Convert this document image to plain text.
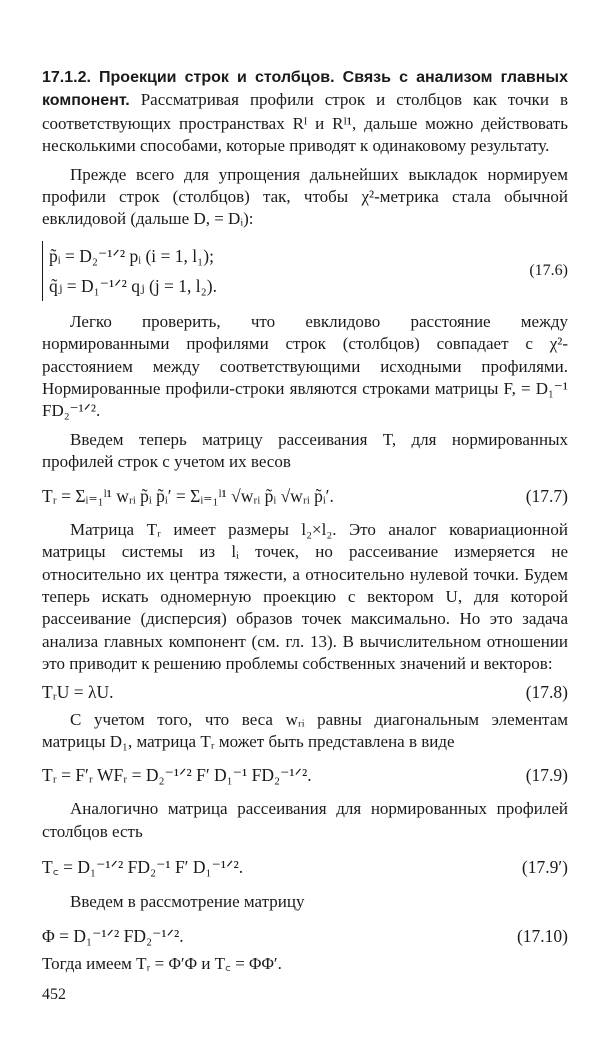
17.1.2. Проекции строк и столбцов. Связь с анализом главных компонент. Рассматривая профили строк и столбцов как точки в соответствующих пространствах Rᴵ и Rᴵ¹, дальше можно действовать несколькими способами, которые приводят к одинаковому результату.

Прежде всего для упрощения дальнейших выкладок нормируем профили строк (столбцов) так, чтобы χ²-метрика стала обычной евклидовой (дальше D, = Dᵢ):

p̃ᵢ = D₂⁻¹ᐟ² pᵢ (i = 1, l₁);
q̃ⱼ = D₁⁻¹ᐟ² qⱼ (j = 1, l₂).
(17.6)

Легко проверить, что евклидово расстояние между нормированными профилями строк (столбцов) совпадает с χ²-расстоянием между соответствующими исходными профилями. Нормированные профили-строки являются строками матрицы F, = D₁⁻¹ FD₂⁻¹ᐟ².

Введем теперь матрицу рассеивания T, для нормированных профилей строк с учетом их весов

Tᵣ = Σᵢ₌₁ˡ¹ wᵣᵢ p̃ᵢ p̃ᵢ′ = Σᵢ₌₁ˡ¹ √wᵣᵢ p̃ᵢ √wᵣᵢ p̃ᵢ′.	(17.7)

Матрица Tᵣ имеет размеры l₂×l₂. Это аналог ковариационной матрицы системы из lᵢ точек, но рассеивание измеряется не относительно их центра тяжести, а относительно нулевой точки. Будем теперь искать одномерную проекцию с вектором U, для которой рассеивание (дисперсия) образов точек максимально. Но это задача анализа главных компонент (см. гл. 13). В вычислительном отношении это приводит к решению проблемы собственных значений и векторов:

TᵣU = λU.	(17.8)

С учетом того, что веса wᵣᵢ равны диагональным элементам матрицы D₁, матрица Tᵣ может быть представлена в виде

Tᵣ = F′ᵣ WFᵣ = D₂⁻¹ᐟ² F′ D₁⁻¹ FD₂⁻¹ᐟ².	(17.9)

Аналогично матрица рассеивания для нормированных профилей столбцов есть

T꜀ = D₁⁻¹ᐟ² FD₂⁻¹ F′ D₁⁻¹ᐟ².	(17.9′)

Введем в рассмотрение матрицу

Φ = D₁⁻¹ᐟ² FD₂⁻¹ᐟ².	(17.10)

Тогда имеем Tᵣ = Φ′Φ и T꜀ = ΦΦ′.

452
